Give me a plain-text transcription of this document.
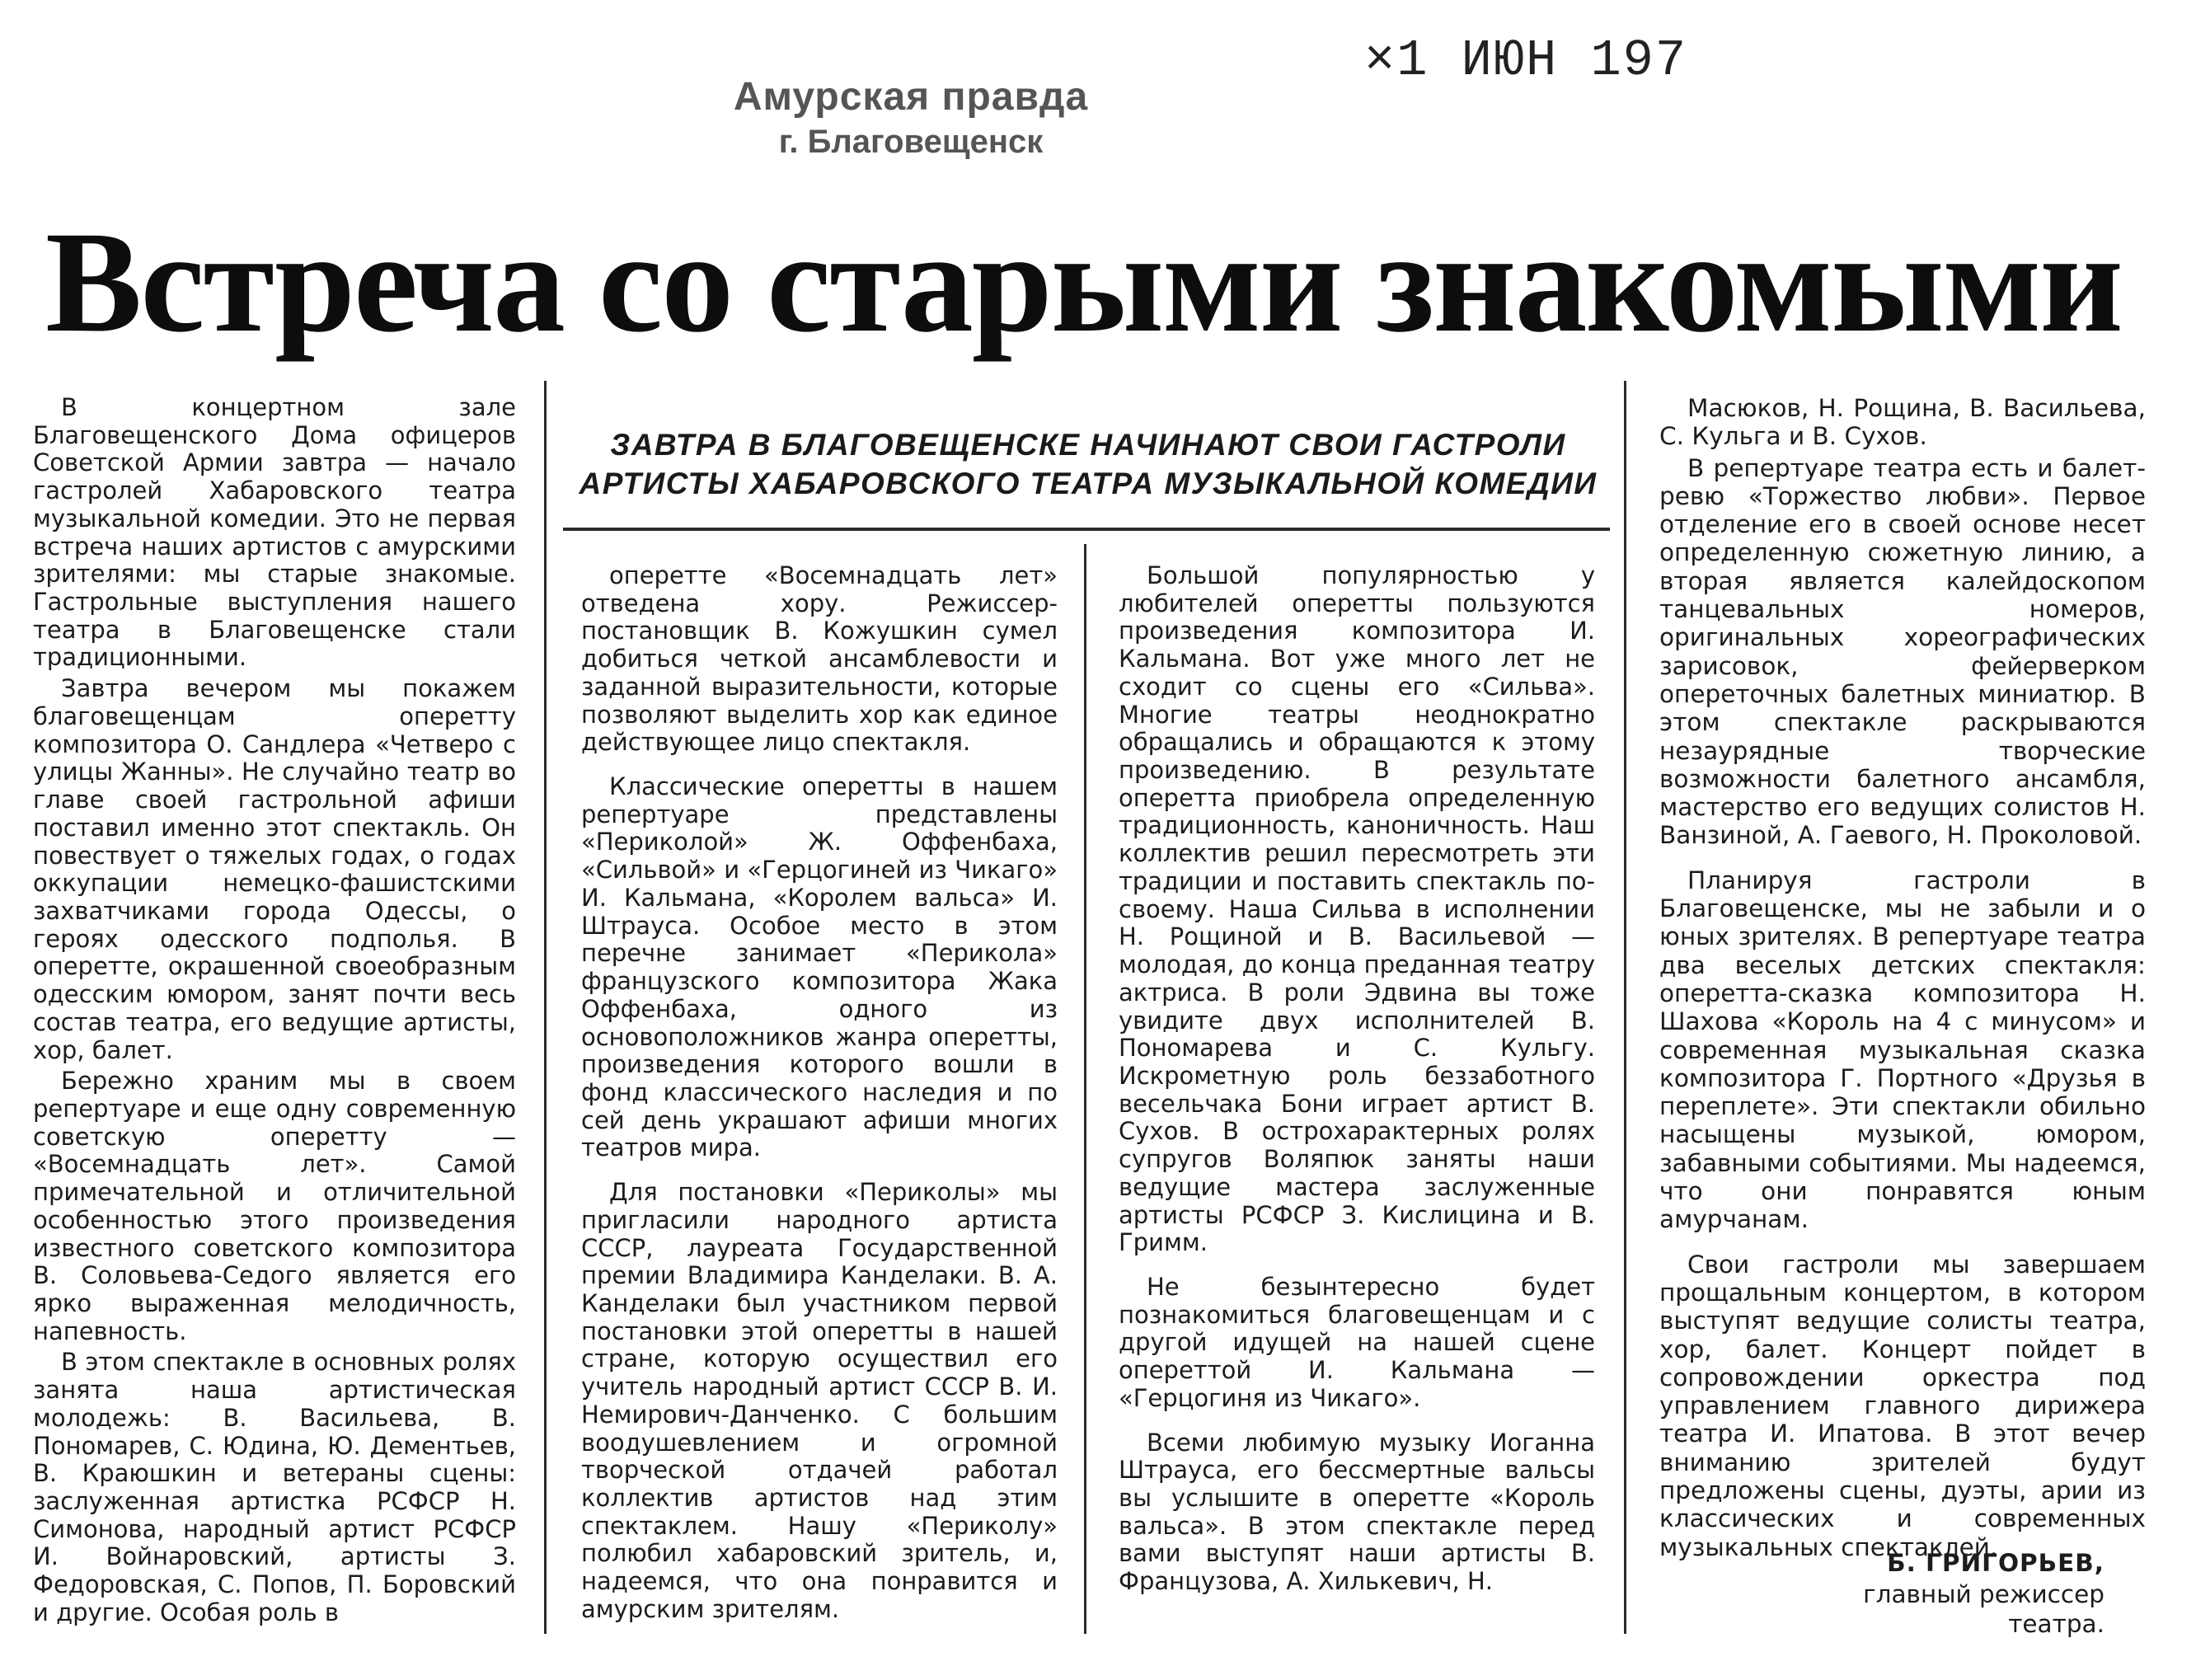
Амурская правда
г. Благовещенск
×1 ИЮН 197
Встреча со старыми знакомыми
ЗАВТРА В БЛАГОВЕЩЕНСКЕ НАЧИНАЮТ СВОИ ГАСТРОЛИ
АРТИСТЫ ХАБАРОВСКОГО ТЕАТРА МУЗЫКАЛЬНОЙ КОМЕДИИ

В концертном зале Благовещенского Дома офицеров Советской Армии завтра — начало гастролей Хабаровского театра музыкальной комедии. Это не первая встреча наших артистов с амурскими зрителями: мы старые знакомые. Гастрольные выступления нашего театра в Благовещенске стали традиционными.

Завтра вечером мы покажем благовещенцам оперетту композитора О. Сандлера «Четверо с улицы Жанны». Не случайно театр во главе своей гастрольной афиши поставил именно этот спектакль. Он повествует о тяжелых годах, о годах оккупации немецко-фашистскими захватчиками города Одессы, о героях одесского подполья. В оперетте, окрашенной своеобразным одесским юмором, занят почти весь состав театра, его ведущие артисты, хор, балет.

Бережно храним мы в своем репертуаре и еще одну современную советскую оперетту — «Восемнадцать лет». Самой примечательной и отличительной особенностью этого произведения известного советского композитора В. Соловьева-Седого является его ярко выраженная мелодичность, напевность.

В этом спектакле в основных ролях занята наша артистическая молодежь: В. Васильева, В. Пономарев, С. Юдина, Ю. Дементьев, В. Краюшкин и ветераны сцены: заслуженная артистка РСФСР Н. Симонова, народный артист РСФСР И. Войнаровский, артисты З. Федоровская, С. Попов, П. Боровский и другие. Особая роль в

оперетте «Восемнадцать лет» отведена хору. Режиссер-постановщик В. Кожушкин сумел добиться четкой ансамблевости и заданной выразительности, которые позволяют выделить хор как единое действующее лицо спектакля.

Классические оперетты в нашем репертуаре представлены «Периколой» Ж. Оффенбаха, «Сильвой» и «Герцогиней из Чикаго» И. Кальмана, «Королем вальса» И. Штрауса. Особое место в этом перечне занимает «Перикола» французского композитора Жака Оффенбаха, одного из основоположников жанра оперетты, произведения которого вошли в фонд классического наследия и по сей день украшают афиши многих театров мира.

Для постановки «Периколы» мы пригласили народного артиста СССР, лауреата Государственной премии Владимира Канделаки. В. А. Канделаки был участником первой постановки этой оперетты в нашей стране, которую осуществил его учитель народный артист СССР В. И. Немирович-Данченко. С большим воодушевлением и огромной творческой отдачей работал коллектив артистов над этим спектаклем. Нашу «Периколу» полюбил хабаровский зритель, и, надеемся, что она понравится и амурским зрителям.

Большой популярностью у любителей оперетты пользуются произведения композитора И. Кальмана. Вот уже много лет не сходит со сцены его «Сильва». Многие театры неоднократно обращались и обращаются к этому произведению. В результате оперетта приобрела определенную традиционность, каноничность. Наш коллектив решил пересмотреть эти традиции и поставить спектакль по-своему. Наша Сильва в исполнении Н. Рощиной и В. Васильевой — молодая, до конца преданная театру актриса. В роли Эдвина вы тоже увидите двух исполнителей В. Пономарева и С. Кульгу. Искрометную роль беззаботного весельчака Бони играет артист В. Сухов. В острохарактерных ролях супругов Воляпюк заняты наши ведущие мастера заслуженные артисты РСФСР З. Кислицина и В. Гримм.

Не безынтересно будет познакомиться благовещенцам и с другой идущей на нашей сцене опереттой И. Кальмана — «Герцогиня из Чикаго».

Всеми любимую музыку Иоганна Штрауса, его бессмертные вальсы вы услышите в оперетте «Король вальса». В этом спектакле перед вами выступят наши артисты В. Французова, А. Хилькевич, Н.

Масюков, Н. Рощина, В. Васильева, С. Кульга и В. Сухов.

В репертуаре театра есть и балет-ревю «Торжество любви». Первое отделение его в своей основе несет определенную сюжетную линию, а вторая является калейдоскопом танцевальных номеров, оригинальных хореографических зарисовок, фейерверком опереточных балетных миниатюр. В этом спектакле раскрываются незаурядные творческие возможности балетного ансамбля, мастерство его ведущих солистов Н. Ванзиной, А. Гаевого, Н. Проколовой.

Планируя гастроли в Благовещенске, мы не забыли и о юных зрителях. В репертуаре театра два веселых детских спектакля: оперетта-сказка композитора Н. Шахова «Король на 4 с минусом» и современная музыкальная сказка композитора Г. Портного «Друзья в переплете». Эти спектакли обильно насыщены музыкой, юмором, забавными событиями. Мы надеемся, что они понравятся юным амурчанам.

Свои гастроли мы завершаем прощальным концертом, в котором выступят ведущие солисты театра, хор, балет. Концерт пойдет в сопровождении оркестра под управлением главного дирижера театра И. Ипатова. В этот вечер вниманию зрителей будут предложены сцены, дуэты, арии из классических и современных музыкальных спектаклей.

Б. ГРИГОРЬЕВ,
главный режиссер
театра.
